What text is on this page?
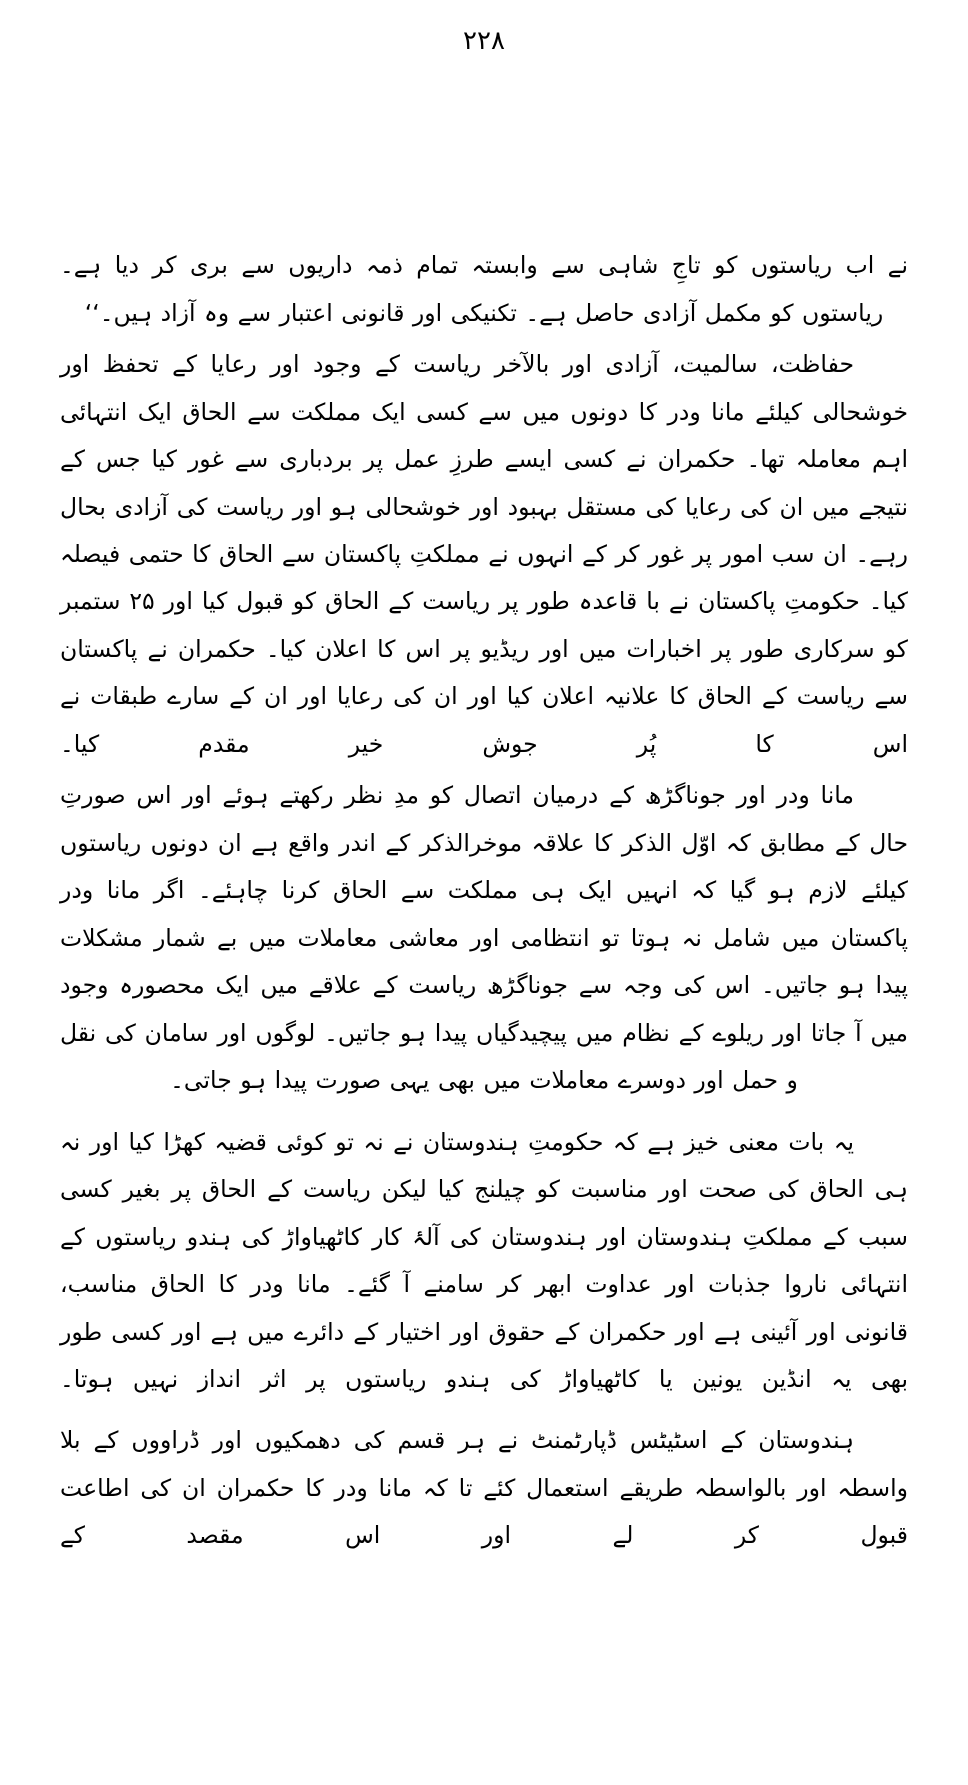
۲۲۸

نے اب ریاستوں کو تاجِ شاہی سے وابستہ تمام ذمہ داریوں سے بری کر دیا ہے۔ ریاستوں کو مکمل آزادی حاصل ہے۔ تکنیکی اور قانونی اعتبار سے وہ آزاد ہیں۔‘‘

حفاظت، سالمیت، آزادی اور بالآخر ریاست کے وجود اور رعایا کے تحفظ اور خوشحالی کیلئے مانا ودر کا دونوں میں سے کسی ایک مملکت سے الحاق ایک انتہائی اہم معاملہ تھا۔ حکمران نے کسی ایسے طرزِ عمل پر بردباری سے غور کیا جس کے نتیجے میں ان کی رعایا کی مستقل بہبود اور خوشحالی ہو اور ریاست کی آزادی بحال رہے۔ ان سب امور پر غور کر کے انہوں نے مملکتِ پاکستان سے الحاق کا حتمی فیصلہ کیا۔ حکومتِ پاکستان نے با قاعدہ طور پر ریاست کے الحاق کو قبول کیا اور ۲۵ ستمبر کو سرکاری طور پر اخبارات میں اور ریڈیو پر اس کا اعلان کیا۔ حکمران نے پاکستان سے ریاست کے الحاق کا علانیہ اعلان کیا اور ان کی رعایا اور ان کے سارے طبقات نے اس کا پُر جوش خیر مقدم کیا۔

مانا ودر اور جوناگڑھ کے درمیان اتصال کو مدِ نظر رکھتے ہوئے اور اس صورتِ حال کے مطابق کہ اوّل الذکر کا علاقہ موخرالذکر کے اندر واقع ہے ان دونوں ریاستوں کیلئے لازم ہو گیا کہ انہیں ایک ہی مملکت سے الحاق کرنا چاہئے۔ اگر مانا ودر پاکستان میں شامل نہ ہوتا تو انتظامی اور معاشی معاملات میں بے شمار مشکلات پیدا ہو جاتیں۔ اس کی وجہ سے جوناگڑھ ریاست کے علاقے میں ایک محصورہ وجود میں آ جاتا اور ریلوے کے نظام میں پیچیدگیاں پیدا ہو جاتیں۔ لوگوں اور سامان کی نقل و حمل اور دوسرے معاملات میں بھی یہی صورت پیدا ہو جاتی۔

یہ بات معنی خیز ہے کہ حکومتِ ہندوستان نے نہ تو کوئی قضیہ کھڑا کیا اور نہ ہی الحاق کی صحت اور مناسبت کو چیلنج کیا لیکن ریاست کے الحاق پر بغیر کسی سبب کے مملکتِ ہندوستان اور ہندوستان کی آلۂ کار کاٹھیاواڑ کی ہندو ریاستوں کے انتہائی ناروا جذبات اور عداوت ابھر کر سامنے آ گئے۔ مانا ودر کا الحاق مناسب، قانونی اور آئینی ہے اور حکمران کے حقوق اور اختیار کے دائرے میں ہے اور کسی طور بھی یہ انڈین یونین یا کاٹھیاواڑ کی ہندو ریاستوں پر اثر انداز نہیں ہوتا۔

ہندوستان کے اسٹیٹس ڈپارٹمنٹ نے ہر قسم کی دھمکیوں اور ڈراووں کے بلا واسطہ اور بالواسطہ طریقے استعمال کئے تا کہ مانا ودر کا حکمران ان کی اطاعت قبول کر لے اور اس مقصد کے
